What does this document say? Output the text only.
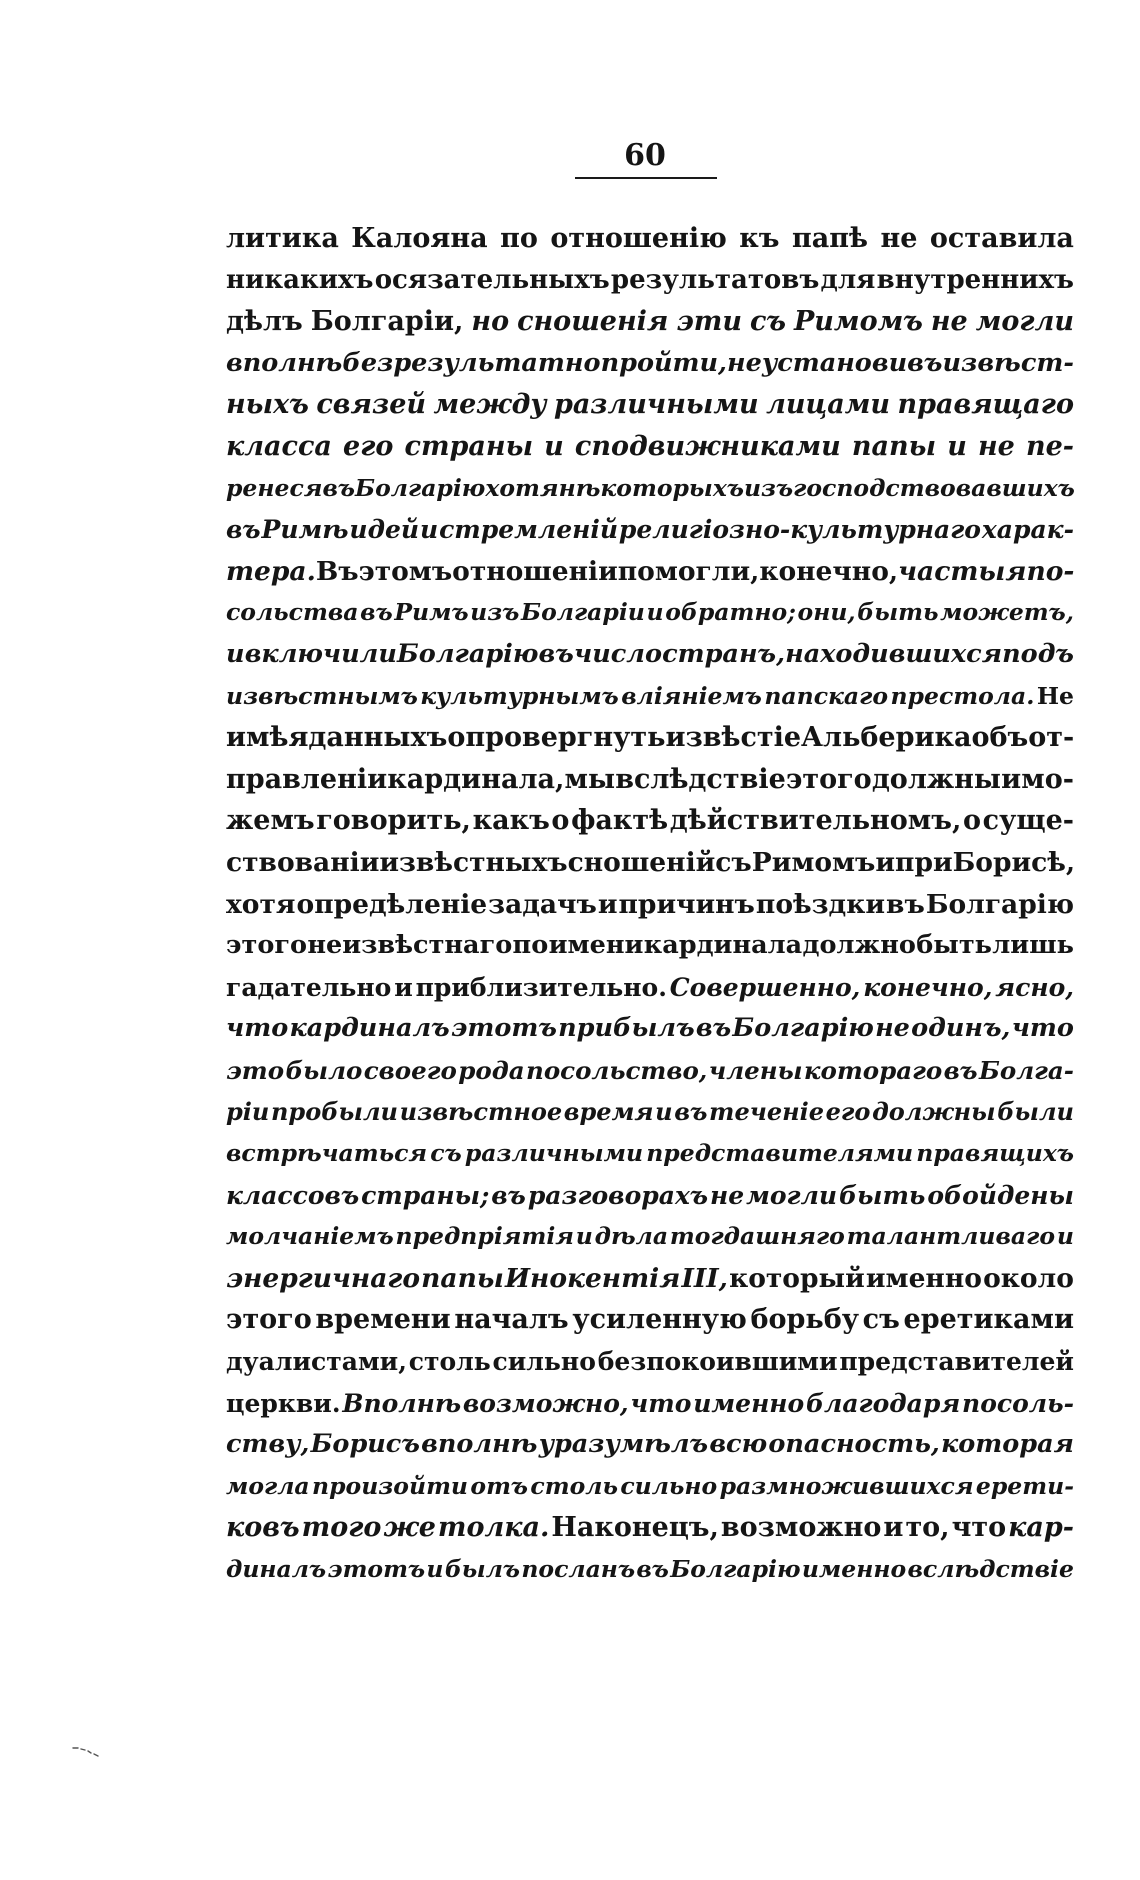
60
литика Калояна по отношенію къ папѣ не оставила
никакихъ осязательныхъ результатовъ для внутреннихъ
дѣлъ Болгаріи, но сношенія эти съ Римомъ не могли
вполнѣ безрезультатно пройти, не установивъ извѣст-
ныхъ связей между различными лицами правящаго
класса его страны и сподвижниками папы и не пе-
ренеся въ Болгарію хотя нѣкоторыхъ изъ господствовавшихъ
въ Римѣ идей и стремленій религіозно-культурнаго харак-
тера. Въ этомъ отношеніи помогли, конечно, частыя по-
сольства въ Римъ изъ Болгаріи и обратно; они, быть можетъ,
и включили Болгарію въ число странъ, находившихся подъ
извѣстнымъ культурнымъ вліяніемъ папскаго престола. Не
имѣя данныхъ опровергнуть извѣстіе Альберика объ от-
правленіи кардинала, мы вслѣдствіе этого должны и мо-
жемъ говорить, какъ о фактѣ дѣйствительномъ, о суще-
ствованіи извѣстныхъ сношеній съ Римомъ и при Борисѣ,
хотя опредѣленіе задачъ и причинъ поѣздки въ Болгарію
этого неизвѣстнаго по имени кардинала должно быть лишь
гадательно и приблизительно. Совершенно, конечно, ясно,
что кардиналъ этотъ прибылъ въ Болгарію не одинъ, что
это было своего рода посольство, члены котораго въ Болга-
ріи пробыли извѣстное время и въ теченіе его должны были
встрѣчаться съ различными представителями правящихъ
классовъ страны; въ разговорахъ не могли быть обойдены
молчаніемъ предпріятія и дѣла тогдашняго талантливаго и
энергичнаго папы Инокентія III, который именно около
этого времени началъ усиленную борьбу съ еретиками
дуалистами, столь сильно безпокоившими представителей
церкви. Вполнѣ возможно, что именно благодаря посоль-
ству, Борисъ вполнѣ уразумѣлъ всю опасность, которая
могла произойти отъ столь сильно размножившихся ерети-
ковъ того же толка. Наконецъ, возможно и то, что кар-
диналъ этотъ и былъ посланъ въ Болгарію именно вслѣдствіе
